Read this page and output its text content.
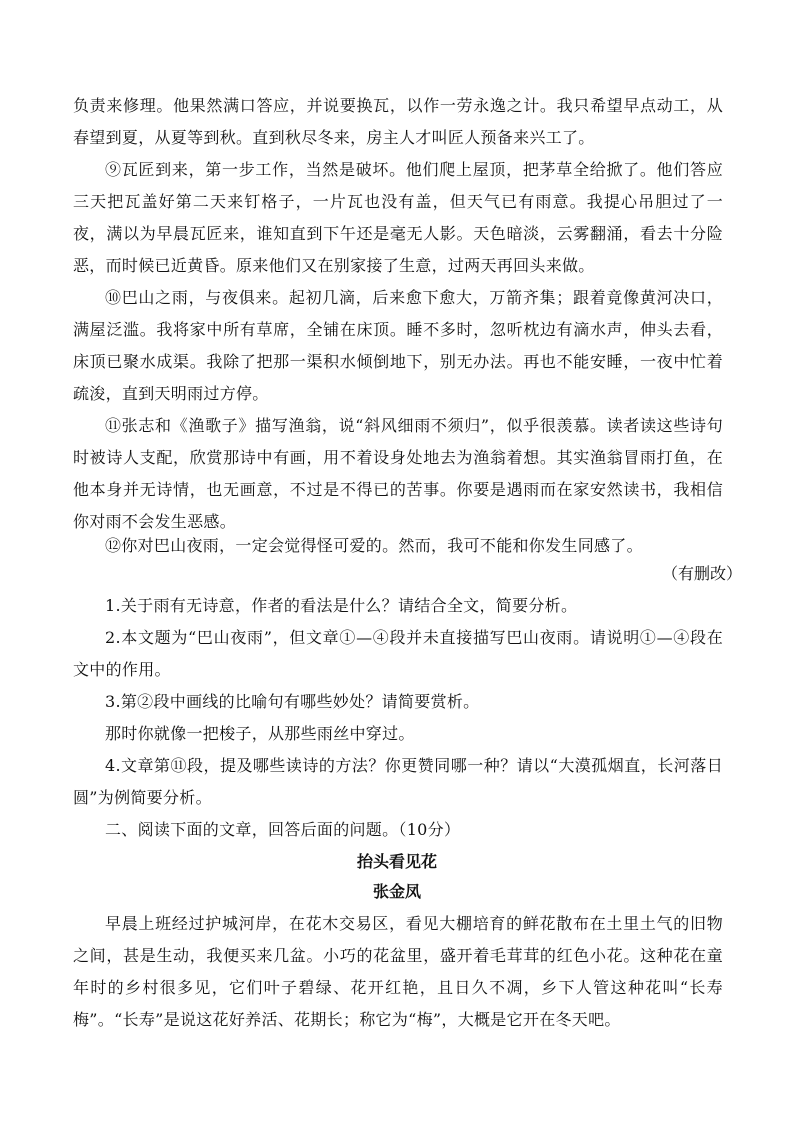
负责来修理。他果然满口答应，并说要换瓦，以作一劳永逸之计。我只希望早点动工，从春望到夏，从夏等到秋。直到秋尽冬来，房主人才叫匠人预备来兴工了。

⑨瓦匠到来，第一步工作，当然是破坏。他们爬上屋顶，把茅草全给掀了。他们答应三天把瓦盖好第二天来钉格子，一片瓦也没有盖，但天气已有雨意。我提心吊胆过了一夜，满以为早晨瓦匠来，谁知直到下午还是毫无人影。天色暗淡，云雾翻涌，看去十分险恶，而时候已近黄昏。原来他们又在别家接了生意，过两天再回头来做。

⑩巴山之雨，与夜俱来。起初几滴，后来愈下愈大，万箭齐集；跟着竟像黄河决口，满屋泛滥。我将家中所有草席，全铺在床顶。睡不多时，忽听枕边有滴水声，伸头去看，床顶已聚水成渠。我除了把那一渠积水倾倒地下，别无办法。再也不能安睡，一夜中忙着疏浚，直到天明雨过方停。

⑪张志和《渔歌子》描写渔翁，说“斜风细雨不须归”，似乎很羡慕。读者读这些诗句时被诗人支配，欣赏那诗中有画，用不着设身处地去为渔翁着想。其实渔翁冒雨打鱼，在他本身并无诗情，也无画意，不过是不得已的苦事。你要是遇雨而在家安然读书，我相信你对雨不会发生恶感。

⑫你对巴山夜雨，一定会觉得怪可爱的。然而，我可不能和你发生同感了。

（有删改）

1.关于雨有无诗意，作者的看法是什么？请结合全文，简要分析。

2.本文题为“巴山夜雨”，但文章①—④段并未直接描写巴山夜雨。请说明①—④段在文中的作用。

3.第②段中画线的比喻句有哪些妙处？请简要赏析。

那时你就像一把梭子，从那些雨丝中穿过。

4.文章第⑪段，提及哪些读诗的方法？你更赞同哪一种？请以“大漠孤烟直，长河落日圆”为例简要分析。

二、阅读下面的文章，回答后面的问题。（10分）

抬头看见花

张金凤

早晨上班经过护城河岸，在花木交易区，看见大棚培育的鲜花散布在土里土气的旧物之间，甚是生动，我便买来几盆。小巧的花盆里，盛开着毛茸茸的红色小花。这种花在童年时的乡村很多见，它们叶子碧绿、花开红艳，且日久不凋，乡下人管这种花叫“长寿梅”。“长寿”是说这花好养活、花期长；称它为“梅”，大概是它开在冬天吧。
